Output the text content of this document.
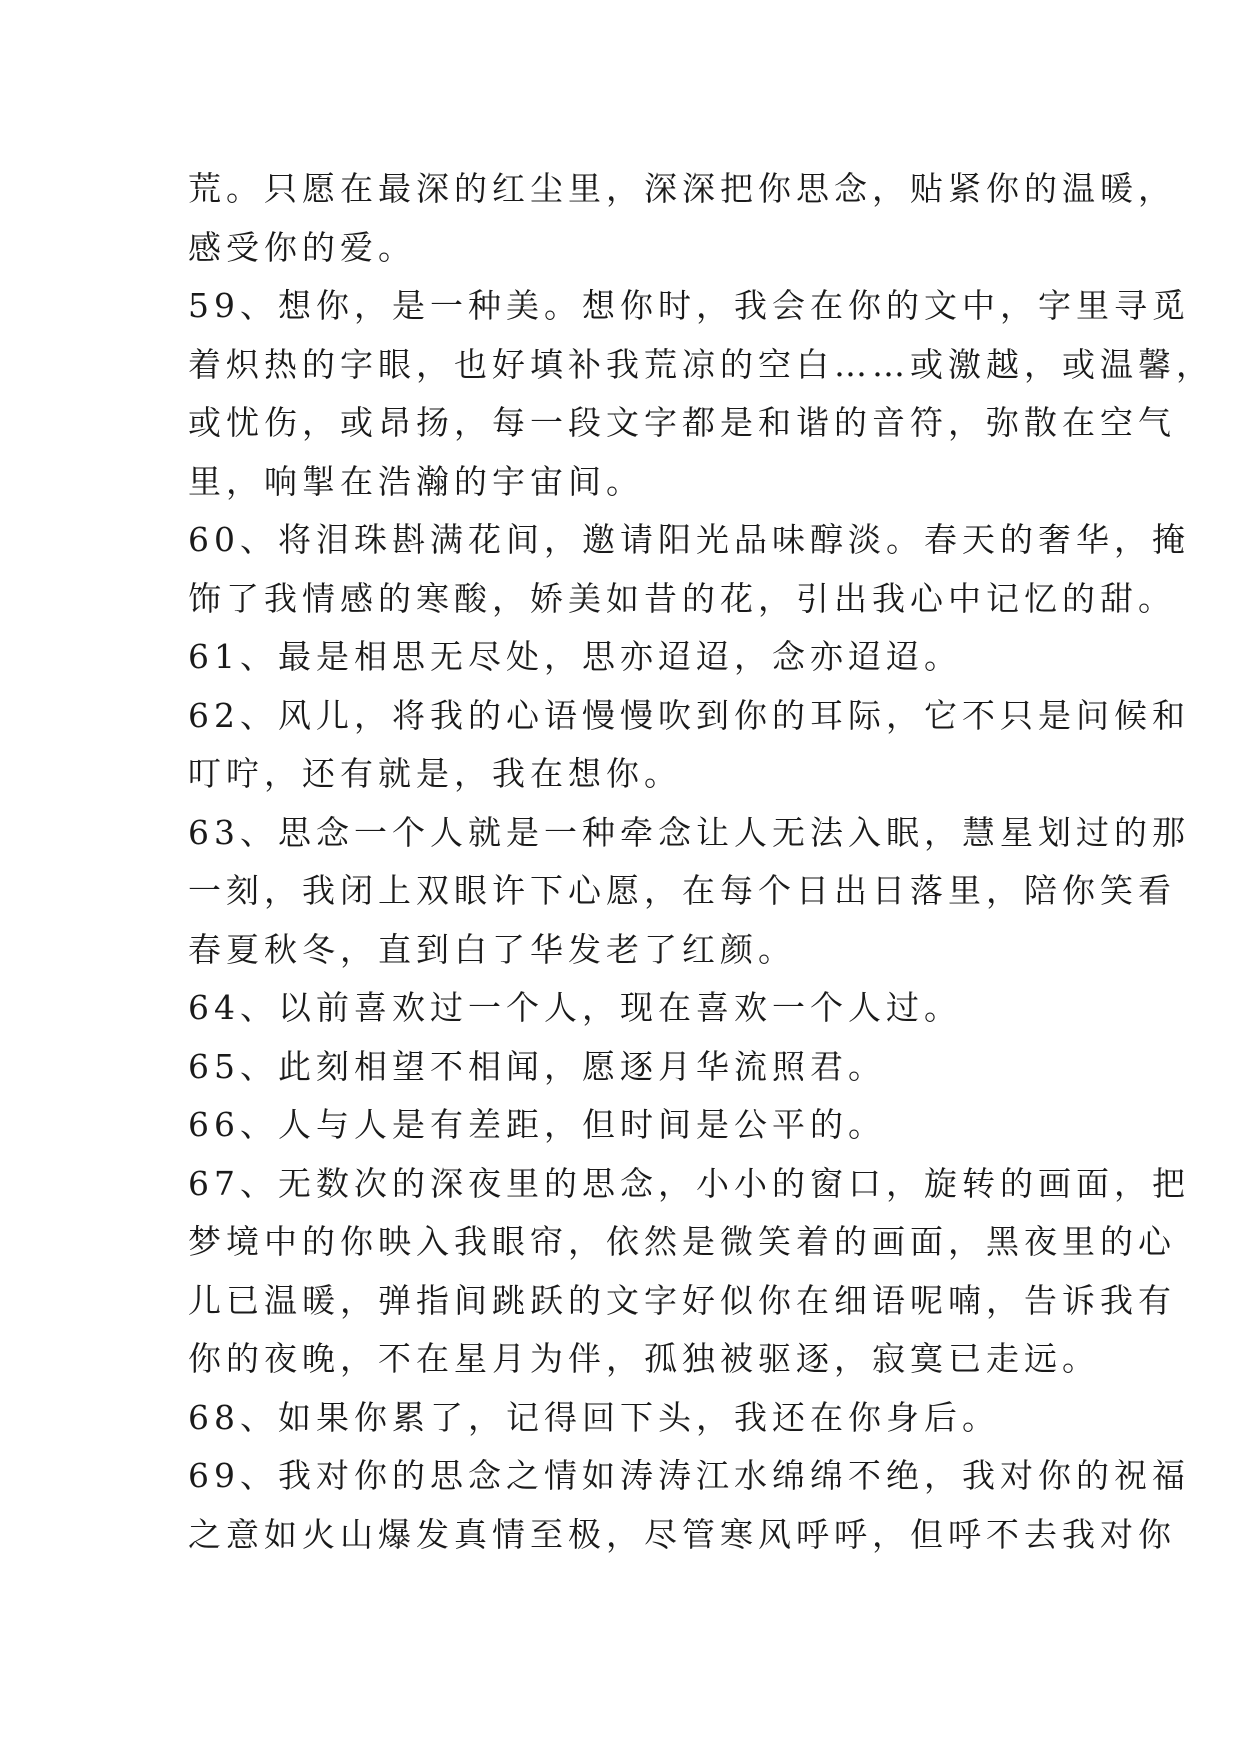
荒。只愿在最深的红尘里，深深把你思念，贴紧你的温暖，
感受你的爱。
59、想你，是一种美。想你时，我会在你的文中，字里寻觅
着炽热的字眼，也好填补我荒凉的空白……或激越，或温馨，
或忧伤，或昂扬，每一段文字都是和谐的音符，弥散在空气
里，响掣在浩瀚的宇宙间。
60、将泪珠斟满花间，邀请阳光品味醇淡。春天的奢华，掩
饰了我情感的寒酸，娇美如昔的花，引出我心中记忆的甜。
61、最是相思无尽处，思亦迢迢，念亦迢迢。
62、风儿，将我的心语慢慢吹到你的耳际，它不只是问候和
叮咛，还有就是，我在想你。
63、思念一个人就是一种牵念让人无法入眠，慧星划过的那
一刻，我闭上双眼许下心愿，在每个日出日落里，陪你笑看
春夏秋冬，直到白了华发老了红颜。
64、以前喜欢过一个人，现在喜欢一个人过。
65、此刻相望不相闻，愿逐月华流照君。
66、人与人是有差距，但时间是公平的。
67、无数次的深夜里的思念，小小的窗口，旋转的画面，把
梦境中的你映入我眼帘，依然是微笑着的画面，黑夜里的心
儿已温暖，弹指间跳跃的文字好似你在细语呢喃，告诉我有
你的夜晚，不在星月为伴，孤独被驱逐，寂寞已走远。
68、如果你累了，记得回下头，我还在你身后。
69、我对你的思念之情如涛涛江水绵绵不绝，我对你的祝福
之意如火山爆发真情至极，尽管寒风呼呼，但呼不去我对你
